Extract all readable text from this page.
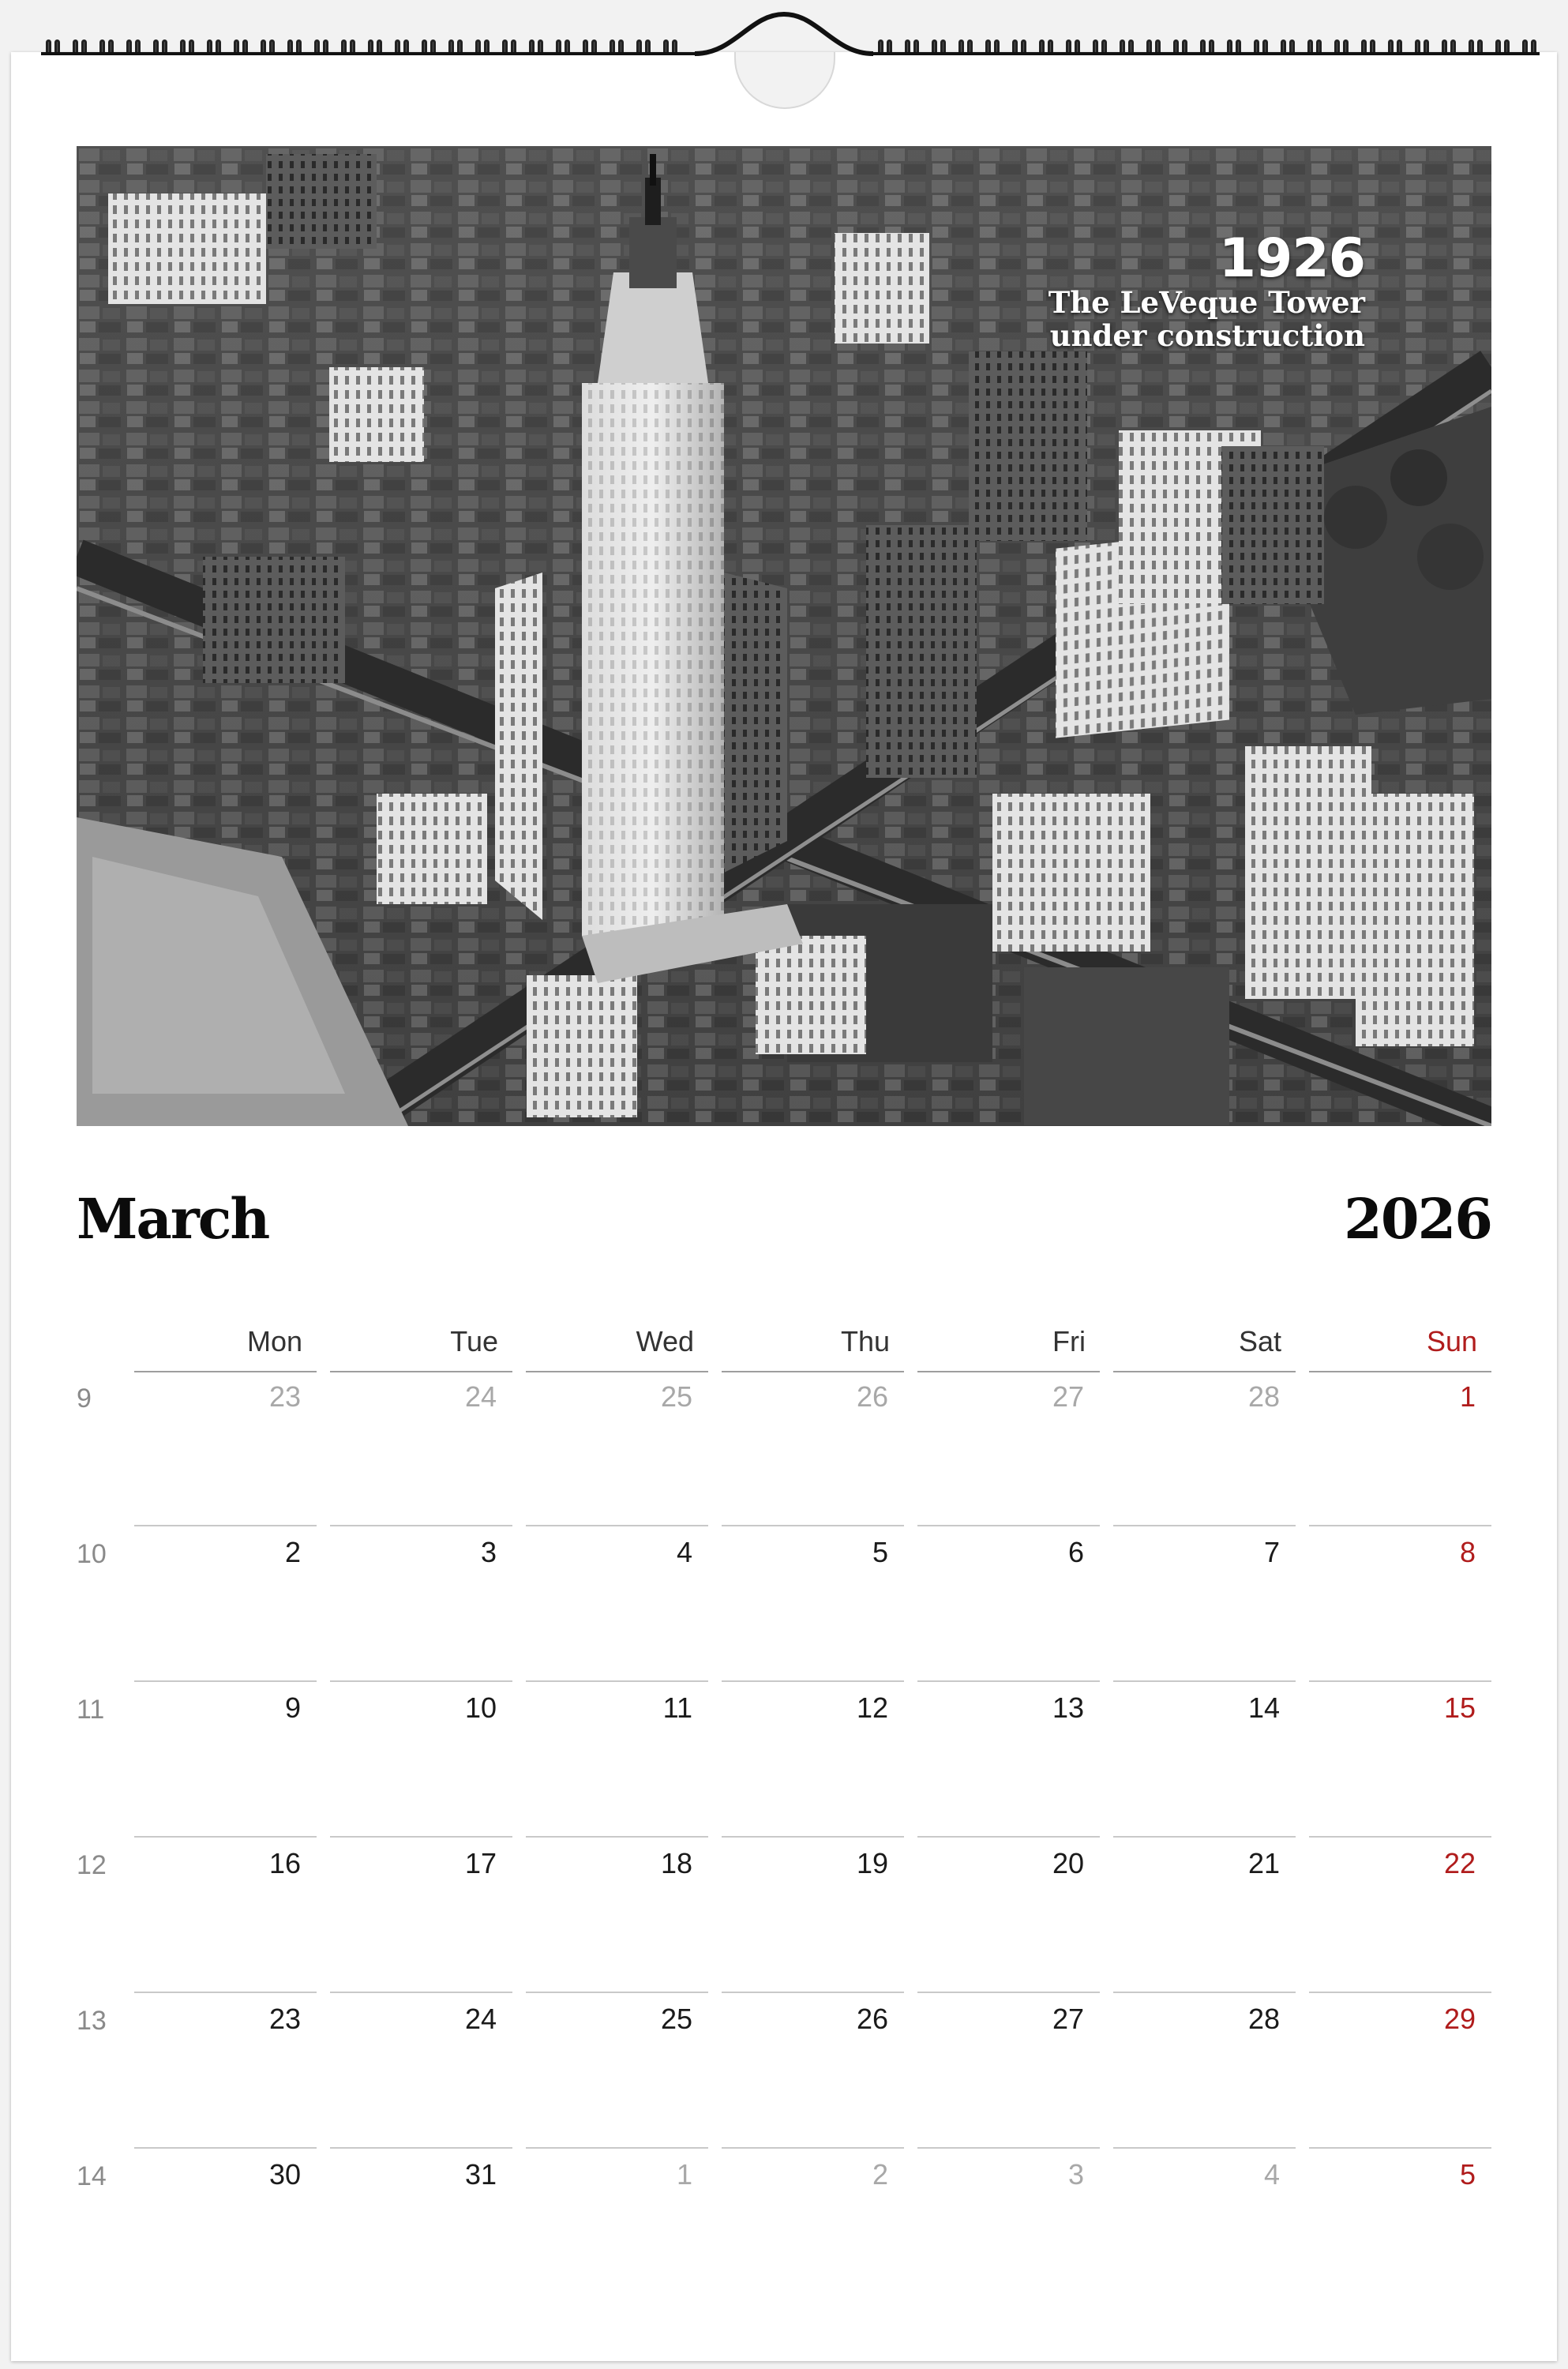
1926
The LeVeque Tower
under construction
March	2026
Mon	Tue	Wed	Thu	Fri	Sat	Sun
9	23	24	25	26	27	28	1
10	2	3	4	5	6	7	8
11	9	10	11	12	13	14	15
12	16	17	18	19	20	21	22
13	23	24	25	26	27	28	29
14	30	31	1	2	3	4	5
